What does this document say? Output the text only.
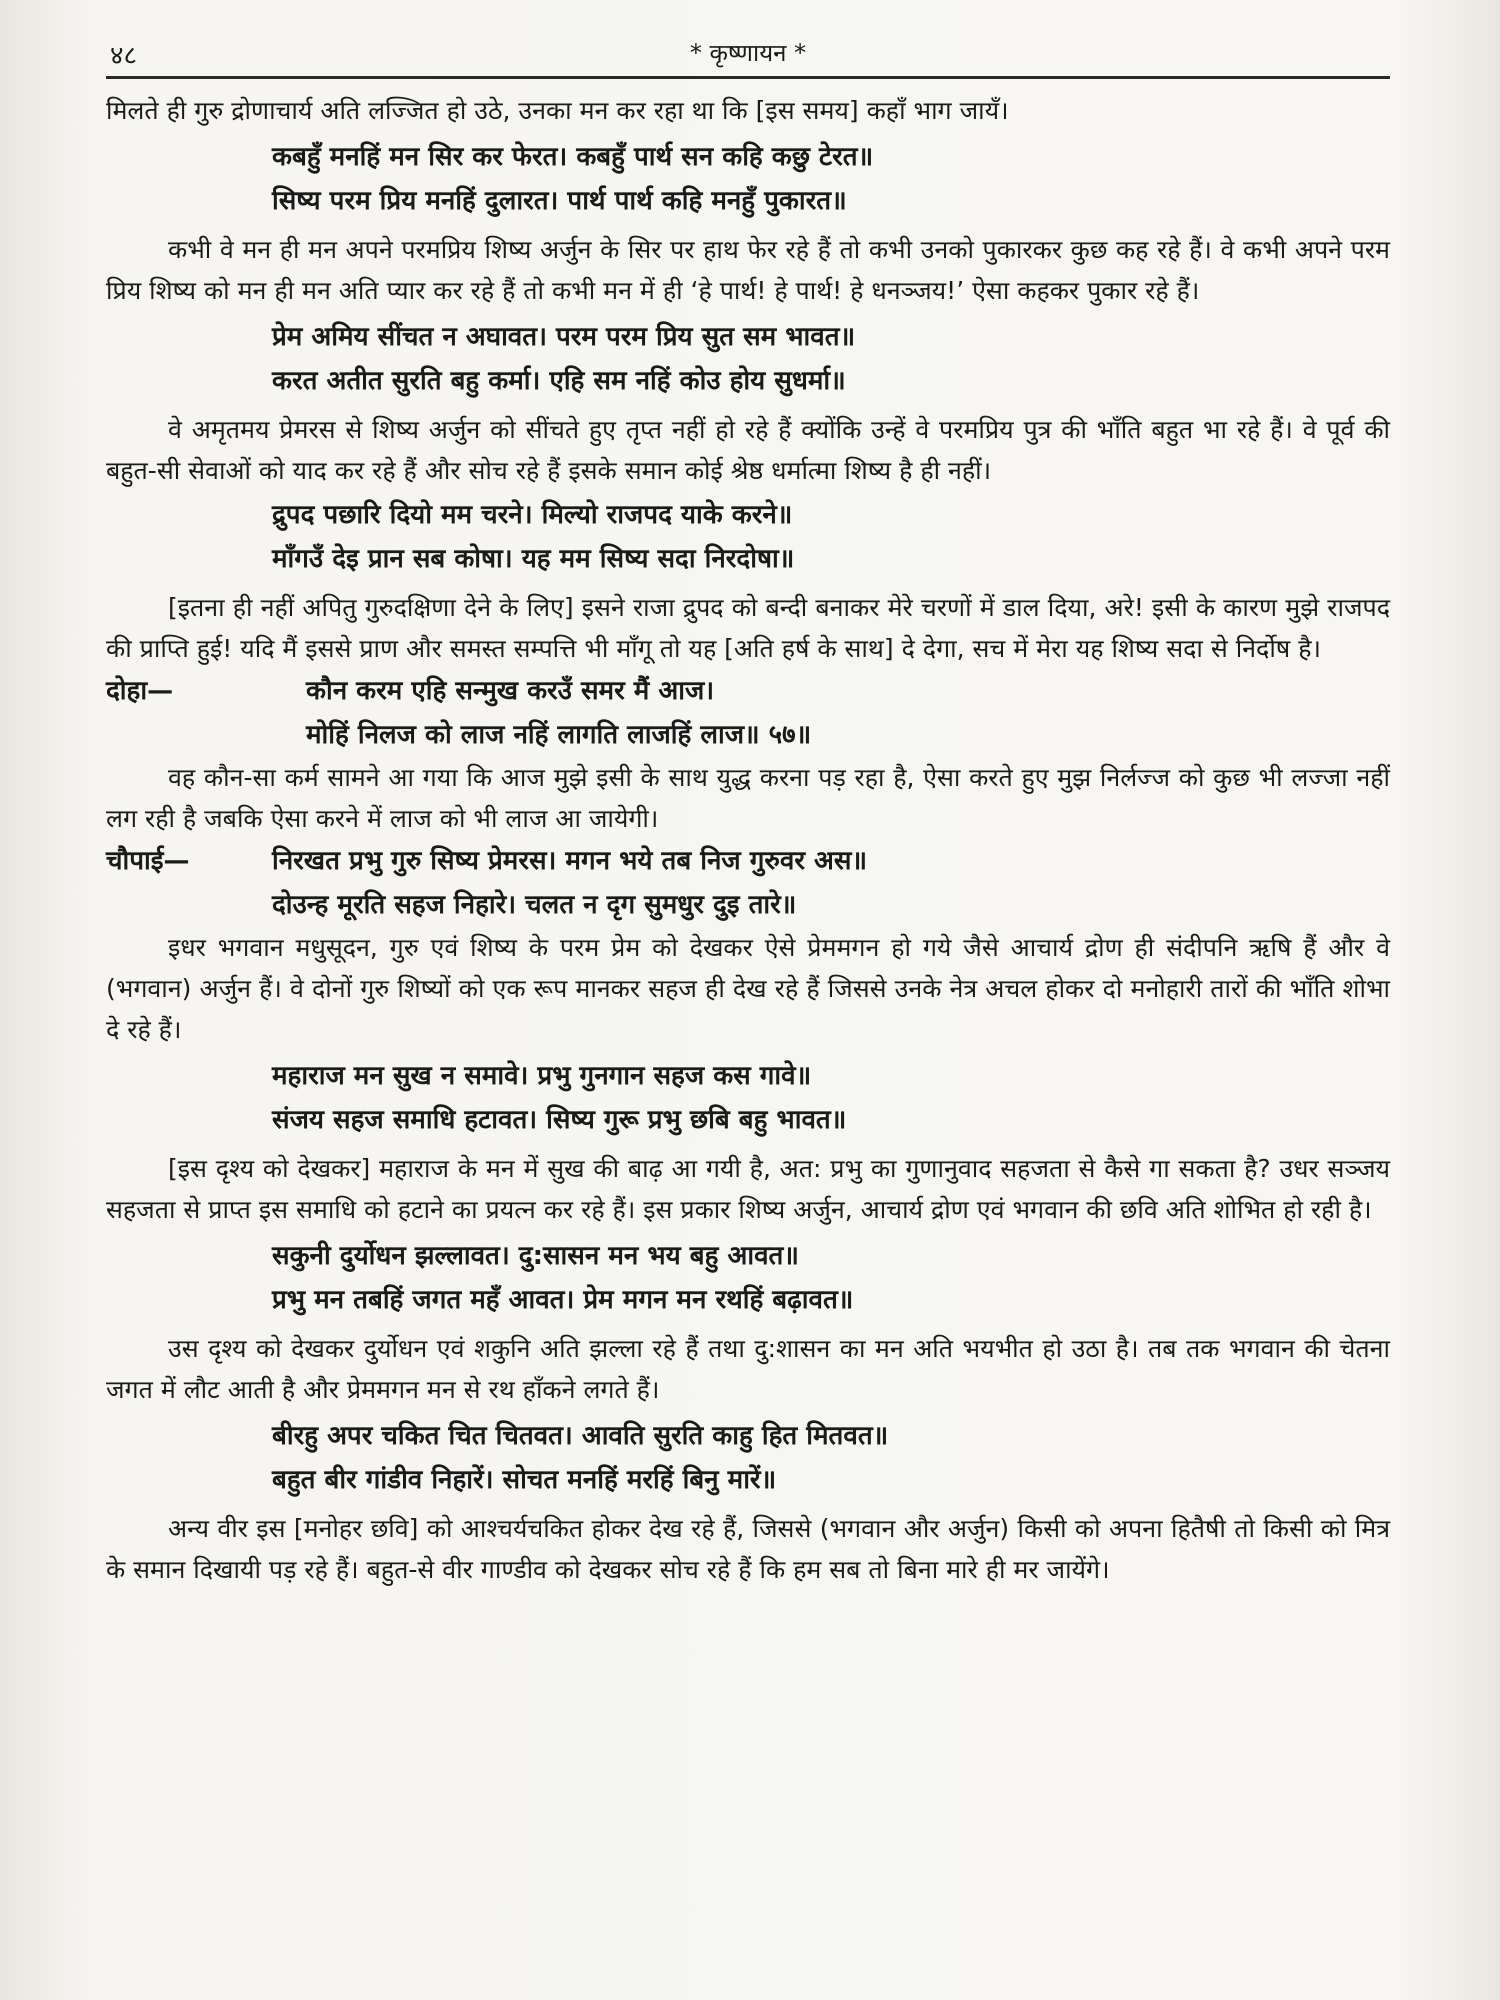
४८	* कृष्णायन *

मिलते ही गुरु द्रोणाचार्य अति लज्जित हो उठे, उनका मन कर रहा था कि [इस समय] कहाँ भाग जायँ।

कबहुँ मनहिं मन सिर कर फेरत। कबहुँ पार्थ सन कहि कछु टेरत॥
सिष्य परम प्रिय मनहिं दुलारत। पार्थ पार्थ कहि मनहुँ पुकारत॥

कभी वे मन ही मन अपने परमप्रिय शिष्य अर्जुन के सिर पर हाथ फेर रहे हैं तो कभी उनको पुकारकर कुछ कह रहे हैं। वे कभी अपने परम प्रिय शिष्य को मन ही मन अति प्यार कर रहे हैं तो कभी मन में ही ‘हे पार्थ! हे पार्थ! हे धनञ्जय!’ ऐसा कहकर पुकार रहे हैं।

प्रेम अमिय सींचत न अघावत। परम परम प्रिय सुत सम भावत॥
करत अतीत सुरति बहु कर्मा। एहि सम नहिं कोउ होय सुधर्मा॥

वे अमृतमय प्रेमरस से शिष्य अर्जुन को सींचते हुए तृप्त नहीं हो रहे हैं क्योंकि उन्हें वे परमप्रिय पुत्र की भाँति बहुत भा रहे हैं। वे पूर्व की बहुत-सी सेवाओं को याद कर रहे हैं और सोच रहे हैं इसके समान कोई श्रेष्ठ धर्मात्मा शिष्य है ही नहीं।

द्रुपद पछारि दियो मम चरने। मिल्यो राजपद याके करने॥
माँगउँ देइ प्रान सब कोषा। यह मम सिष्य सदा निरदोषा॥

[इतना ही नहीं अपितु गुरुदक्षिणा देने के लिए] इसने राजा द्रुपद को बन्दी बनाकर मेरे चरणों में डाल दिया, अरे! इसी के कारण मुझे राजपद की प्राप्ति हुई! यदि मैं इससे प्राण और समस्त सम्पत्ति भी माँगू तो यह [अति हर्ष के साथ] दे देगा, सच में मेरा यह शिष्य सदा से निर्दोष है।

दोहा—	कौन करम एहि सन्मुख करउँ समर मैं आज।
मोहिं निलज को लाज नहिं लागति लाजहिं लाज॥ ५७॥

वह कौन-सा कर्म सामने आ गया कि आज मुझे इसी के साथ युद्ध करना पड़ रहा है, ऐसा करते हुए मुझ निर्लज्ज को कुछ भी लज्जा नहीं लग रही है जबकि ऐसा करने में लाज को भी लाज आ जायेगी।

चौपाई—	निरखत प्रभु गुरु सिष्य प्रेमरस। मगन भये तब निज गुरुवर अस॥
दोउन्ह मूरति सहज निहारे। चलत न दृग सुमधुर दुइ तारे॥

इधर भगवान मधुसूदन, गुरु एवं शिष्य के परम प्रेम को देखकर ऐसे प्रेममगन हो गये जैसे आचार्य द्रोण ही संदीपनि ऋषि हैं और वे (भगवान) अर्जुन हैं। वे दोनों गुरु शिष्यों को एक रूप मानकर सहज ही देख रहे हैं जिससे उनके नेत्र अचल होकर दो मनोहारी तारों की भाँति शोभा दे रहे हैं।

महाराज मन सुख न समावे। प्रभु गुनगान सहज कस गावे॥
संजय सहज समाधि हटावत। सिष्य गुरू प्रभु छबि बहु भावत॥

[इस दृश्य को देखकर] महाराज के मन में सुख की बाढ़ आ गयी है, अत: प्रभु का गुणानुवाद सहजता से कैसे गा सकता है? उधर सञ्जय सहजता से प्राप्त इस समाधि को हटाने का प्रयत्न कर रहे हैं। इस प्रकार शिष्य अर्जुन, आचार्य द्रोण एवं भगवान की छवि अति शोभित हो रही है।

सकुनी दुर्योधन झल्लावत। दु:सासन मन भय बहु आवत॥
प्रभु मन तबहिं जगत महँ आवत। प्रेम मगन मन रथहिं बढ़ावत॥

उस दृश्य को देखकर दुर्योधन एवं शकुनि अति झल्ला रहे हैं तथा दु:शासन का मन अति भयभीत हो उठा है। तब तक भगवान की चेतना जगत में लौट आती है और प्रेममगन मन से रथ हाँकने लगते हैं।

बीरहु अपर चकित चित चितवत। आवति सुरति काहु हित मितवत॥
बहुत बीर गांडीव निहारें। सोचत मनहिं मरहिं बिनु मारें॥

अन्य वीर इस [मनोहर छवि] को आश्चर्यचकित होकर देख रहे हैं, जिससे (भगवान और अर्जुन) किसी को अपना हितैषी तो किसी को मित्र के समान दिखायी पड़ रहे हैं। बहुत-से वीर गाण्डीव को देखकर सोच रहे हैं कि हम सब तो बिना मारे ही मर जायेंगे।
